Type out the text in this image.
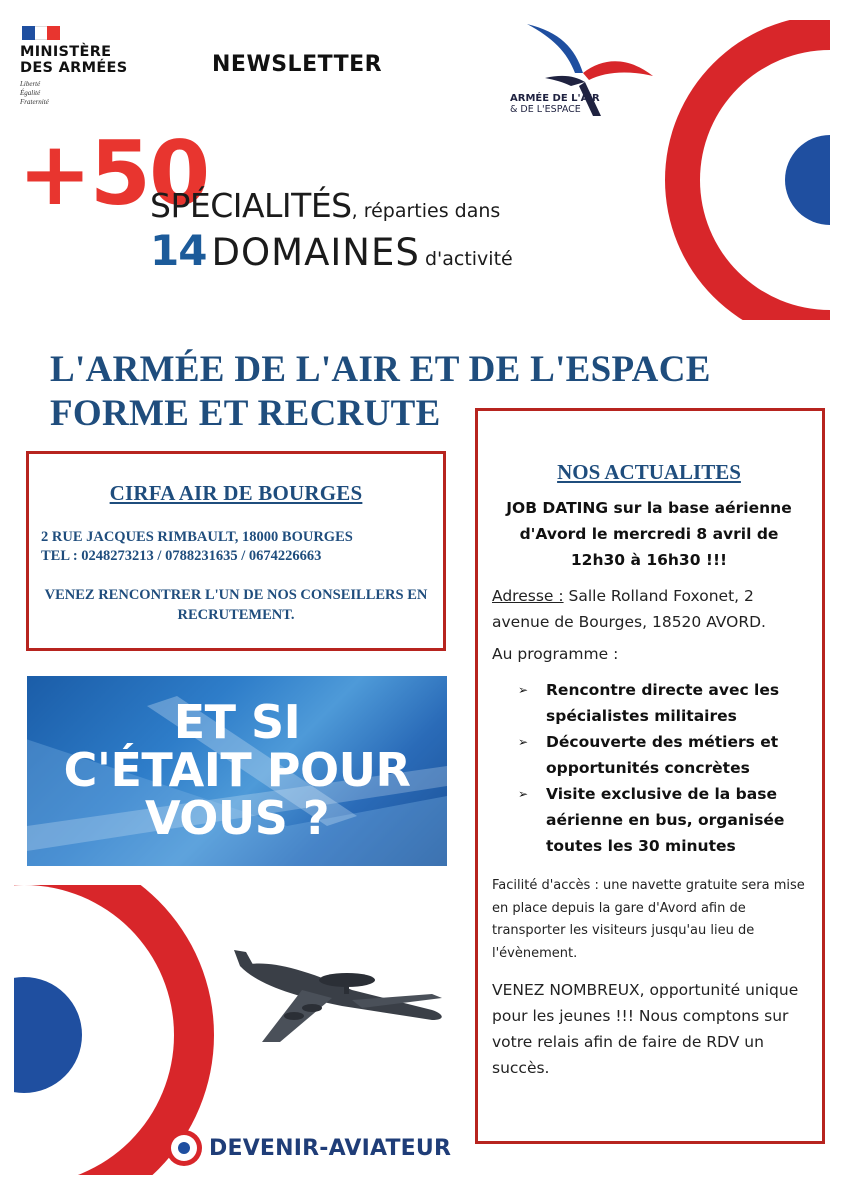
MINISTÈRE
DES ARMÉES
Liberté
Égalité
Fraternité
NEWSLETTER
ARMÉE DE L'AIR
& DE L'ESPACE
+50
SPÉCIALITÉS, réparties dans
14 DOMAINES d'activité
L'ARMÉE DE L'AIR ET DE L'ESPACE FORME ET RECRUTE
CIRFA AIR DE BOURGES
2 RUE JACQUES RIMBAULT, 18000 BOURGES
TEL : 0248273213 / 0788231635 / 0674226663
VENEZ RENCONTRER L'UN DE NOS CONSEILLERS EN RECRUTEMENT.
ET SI
C'ÉTAIT POUR
VOUS ?
DEVENIR-AVIATEUR
NOS ACTUALITES
JOB DATING sur la base aérienne d'Avord le mercredi 8 avril de 12h30 à 16h30 !!!
Adresse : Salle Rolland Foxonet, 2 avenue de Bourges, 18520 AVORD.
Au programme :
➢	Rencontre directe avec les spécialistes militaires
➢	Découverte des métiers et opportunités concrètes
➢	Visite exclusive de la base aérienne en bus, organisée toutes les 30 minutes
Facilité d'accès : une navette gratuite sera mise en place depuis la gare d'Avord afin de transporter les visiteurs jusqu'au lieu de l'évènement.
VENEZ NOMBREUX, opportunité unique pour les jeunes !!! Nous comptons sur votre relais afin de faire de RDV un succès.
